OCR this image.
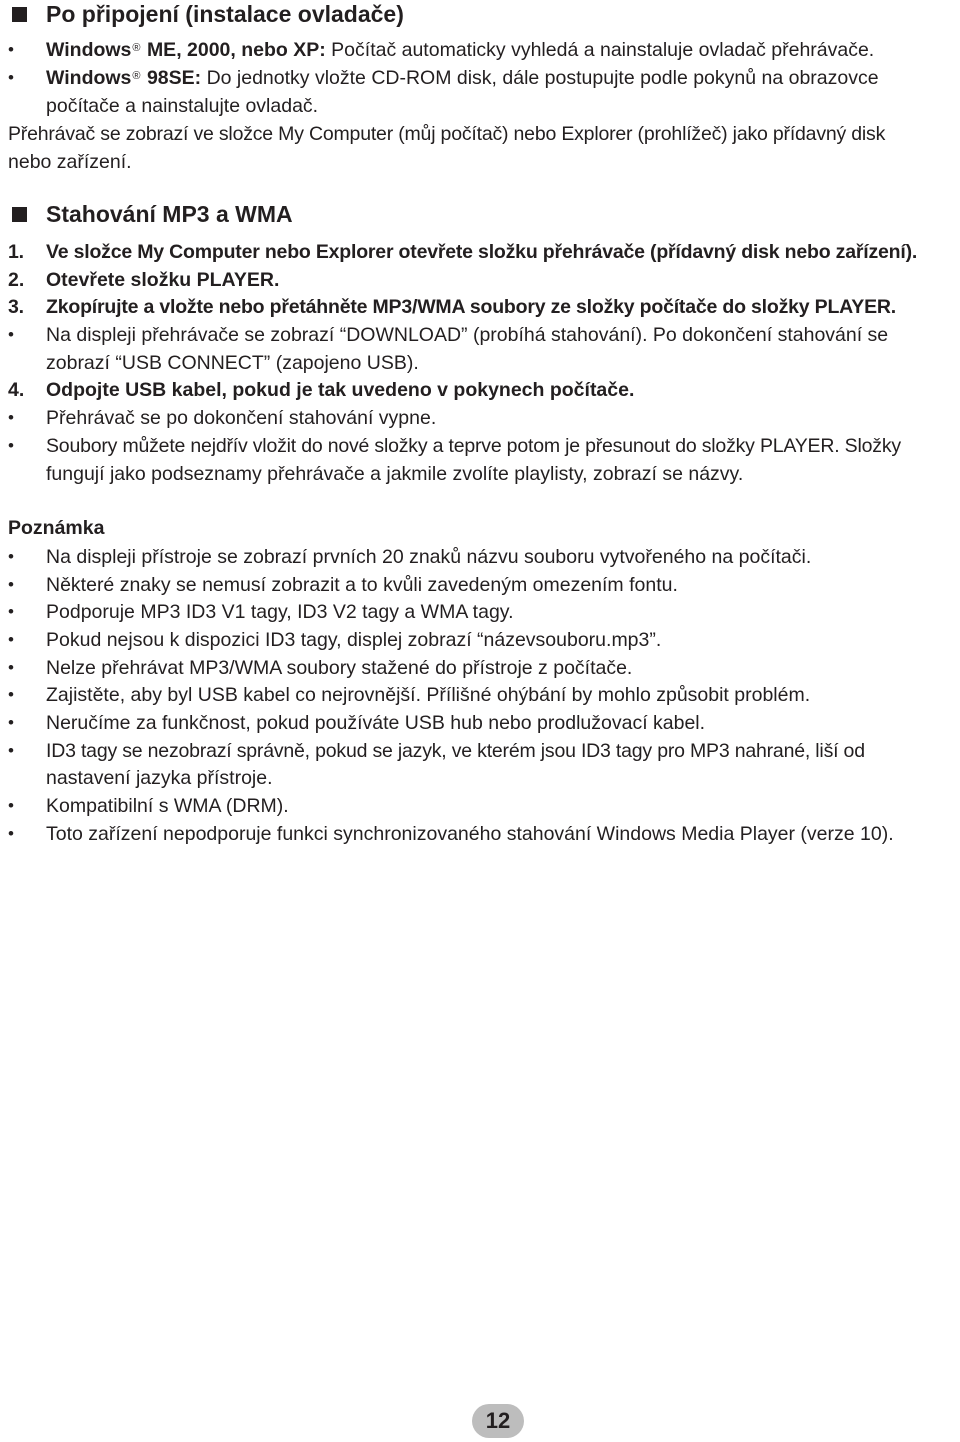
Po připojení (instalace ovladače)
• Windows® ME, 2000, nebo XP: Počítač automaticky vyhledá a nainstaluje ovladač přehrávače.
• Windows® 98SE: Do jednotky vložte CD-ROM disk, dále postupujte podle pokynů na obrazovce
počítače a nainstalujte ovladač.
Přehrávač se zobrazí ve složce My Computer (můj počítač) nebo Explorer (prohlížeč) jako přídavný disk
nebo zařízení.
Stahování MP3 a WMA
1. Ve složce My Computer nebo Explorer otevřete složku přehrávače (přídavný disk nebo zařízení).
2. Otevřete složku PLAYER.
3. Zkopírujte a vložte nebo přetáhněte MP3/WMA soubory ze složky počítače do složky PLAYER.
• Na displeji přehrávače se zobrazí “DOWNLOAD” (probíhá stahování). Po dokončení stahování se
zobrazí “USB CONNECT” (zapojeno USB).
4. Odpojte USB kabel, pokud je tak uvedeno v pokynech počítače.
• Přehrávač se po dokončení stahování vypne.
• Soubory můžete nejdřív vložit do nové složky a teprve potom je přesunout do složky PLAYER. Složky
fungují jako podseznamy přehrávače a jakmile zvolíte playlisty, zobrazí se názvy.
Poznámka
• Na displeji přístroje se zobrazí prvních 20 znaků názvu souboru vytvořeného na počítači.
• Některé znaky se nemusí zobrazit a to kvůli zavedeným omezením fontu.
• Podporuje MP3 ID3 V1 tagy, ID3 V2 tagy a WMA tagy.
• Pokud nejsou k dispozici ID3 tagy, displej zobrazí “názevsouboru.mp3”.
• Nelze přehrávat MP3/WMA soubory stažené do přístroje z počítače.
• Zajistěte, aby byl USB kabel co nejrovnější. Přílišné ohýbání by mohlo způsobit problém.
• Neručíme za funkčnost, pokud používáte USB hub nebo prodlužovací kabel.
• ID3 tagy se nezobrazí správně, pokud se jazyk, ve kterém jsou ID3 tagy pro MP3 nahrané, liší od
nastavení jazyka přístroje.
• Kompatibilní s WMA (DRM).
• Toto zařízení nepodporuje funkci synchronizovaného stahování Windows Media Player (verze 10).
12
